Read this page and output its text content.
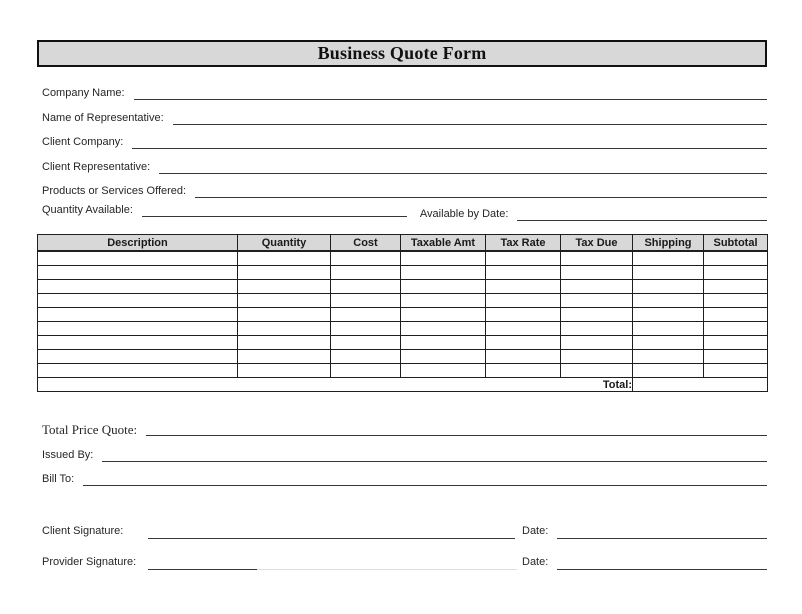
Business Quote Form
Company Name:
Name of Representative:
Client Company:
Client Representative:
Products or Services Offered:
Quantity Available:	Available by Date:
Description	Quantity	Cost	Taxable Amt	Tax Rate	Tax Due	Shipping	Subtotal

Total:							
Total Price Quote:
Issued By:
Bill To:
Client Signature:	Date:
Provider Signature:	Date:
